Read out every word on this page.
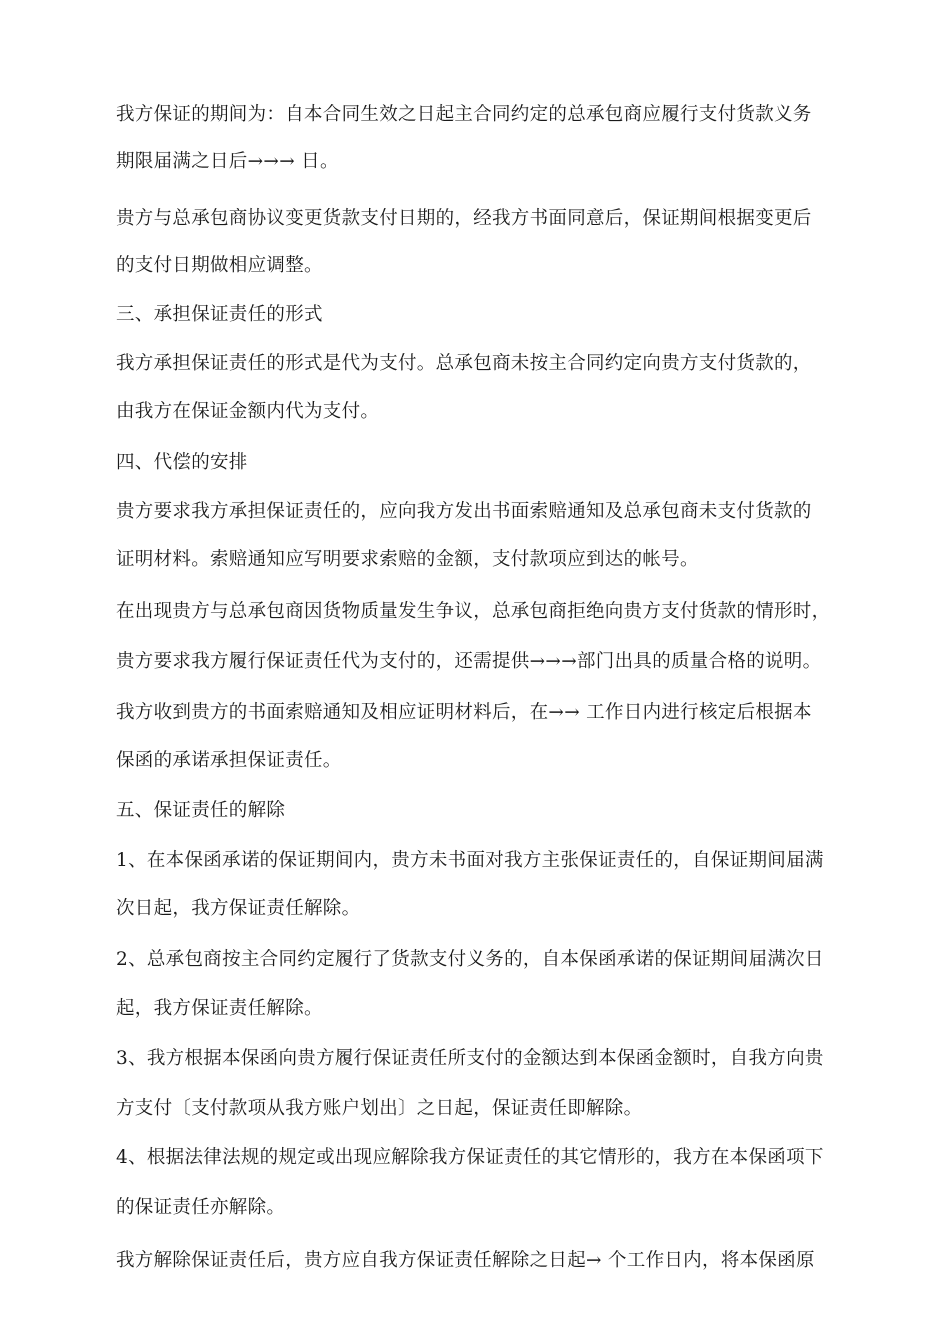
我方保证的期间为：自本合同生效之日起主合同约定的总承包商应履行支付货款义务
期限届满之日后→→→ 日。
贵方与总承包商协议变更货款支付日期的，经我方书面同意后，保证期间根据变更后
的支付日期做相应调整。
三、承担保证责任的形式
我方承担保证责任的形式是代为支付。总承包商未按主合同约定向贵方支付货款的，
由我方在保证金额内代为支付。
四、代偿的安排
贵方要求我方承担保证责任的，应向我方发出书面索赔通知及总承包商未支付货款的
证明材料。索赔通知应写明要求索赔的金额，支付款项应到达的帐号。
在出现贵方与总承包商因货物质量发生争议，总承包商拒绝向贵方支付货款的情形时，
贵方要求我方履行保证责任代为支付的，还需提供→→→部门出具的质量合格的说明。
我方收到贵方的书面索赔通知及相应证明材料后，在→→ 工作日内进行核定后根据本
保函的承诺承担保证责任。
五、保证责任的解除
1、在本保函承诺的保证期间内，贵方未书面对我方主张保证责任的，自保证期间届满
次日起，我方保证责任解除。
2、总承包商按主合同约定履行了货款支付义务的，自本保函承诺的保证期间届满次日
起，我方保证责任解除。
3、我方根据本保函向贵方履行保证责任所支付的金额达到本保函金额时，自我方向贵
方支付〔支付款项从我方账户划出〕之日起，保证责任即解除。
4、根据法律法规的规定或出现应解除我方保证责任的其它情形的，我方在本保函项下
的保证责任亦解除。
我方解除保证责任后，贵方应自我方保证责任解除之日起→ 个工作日内，将本保函原
